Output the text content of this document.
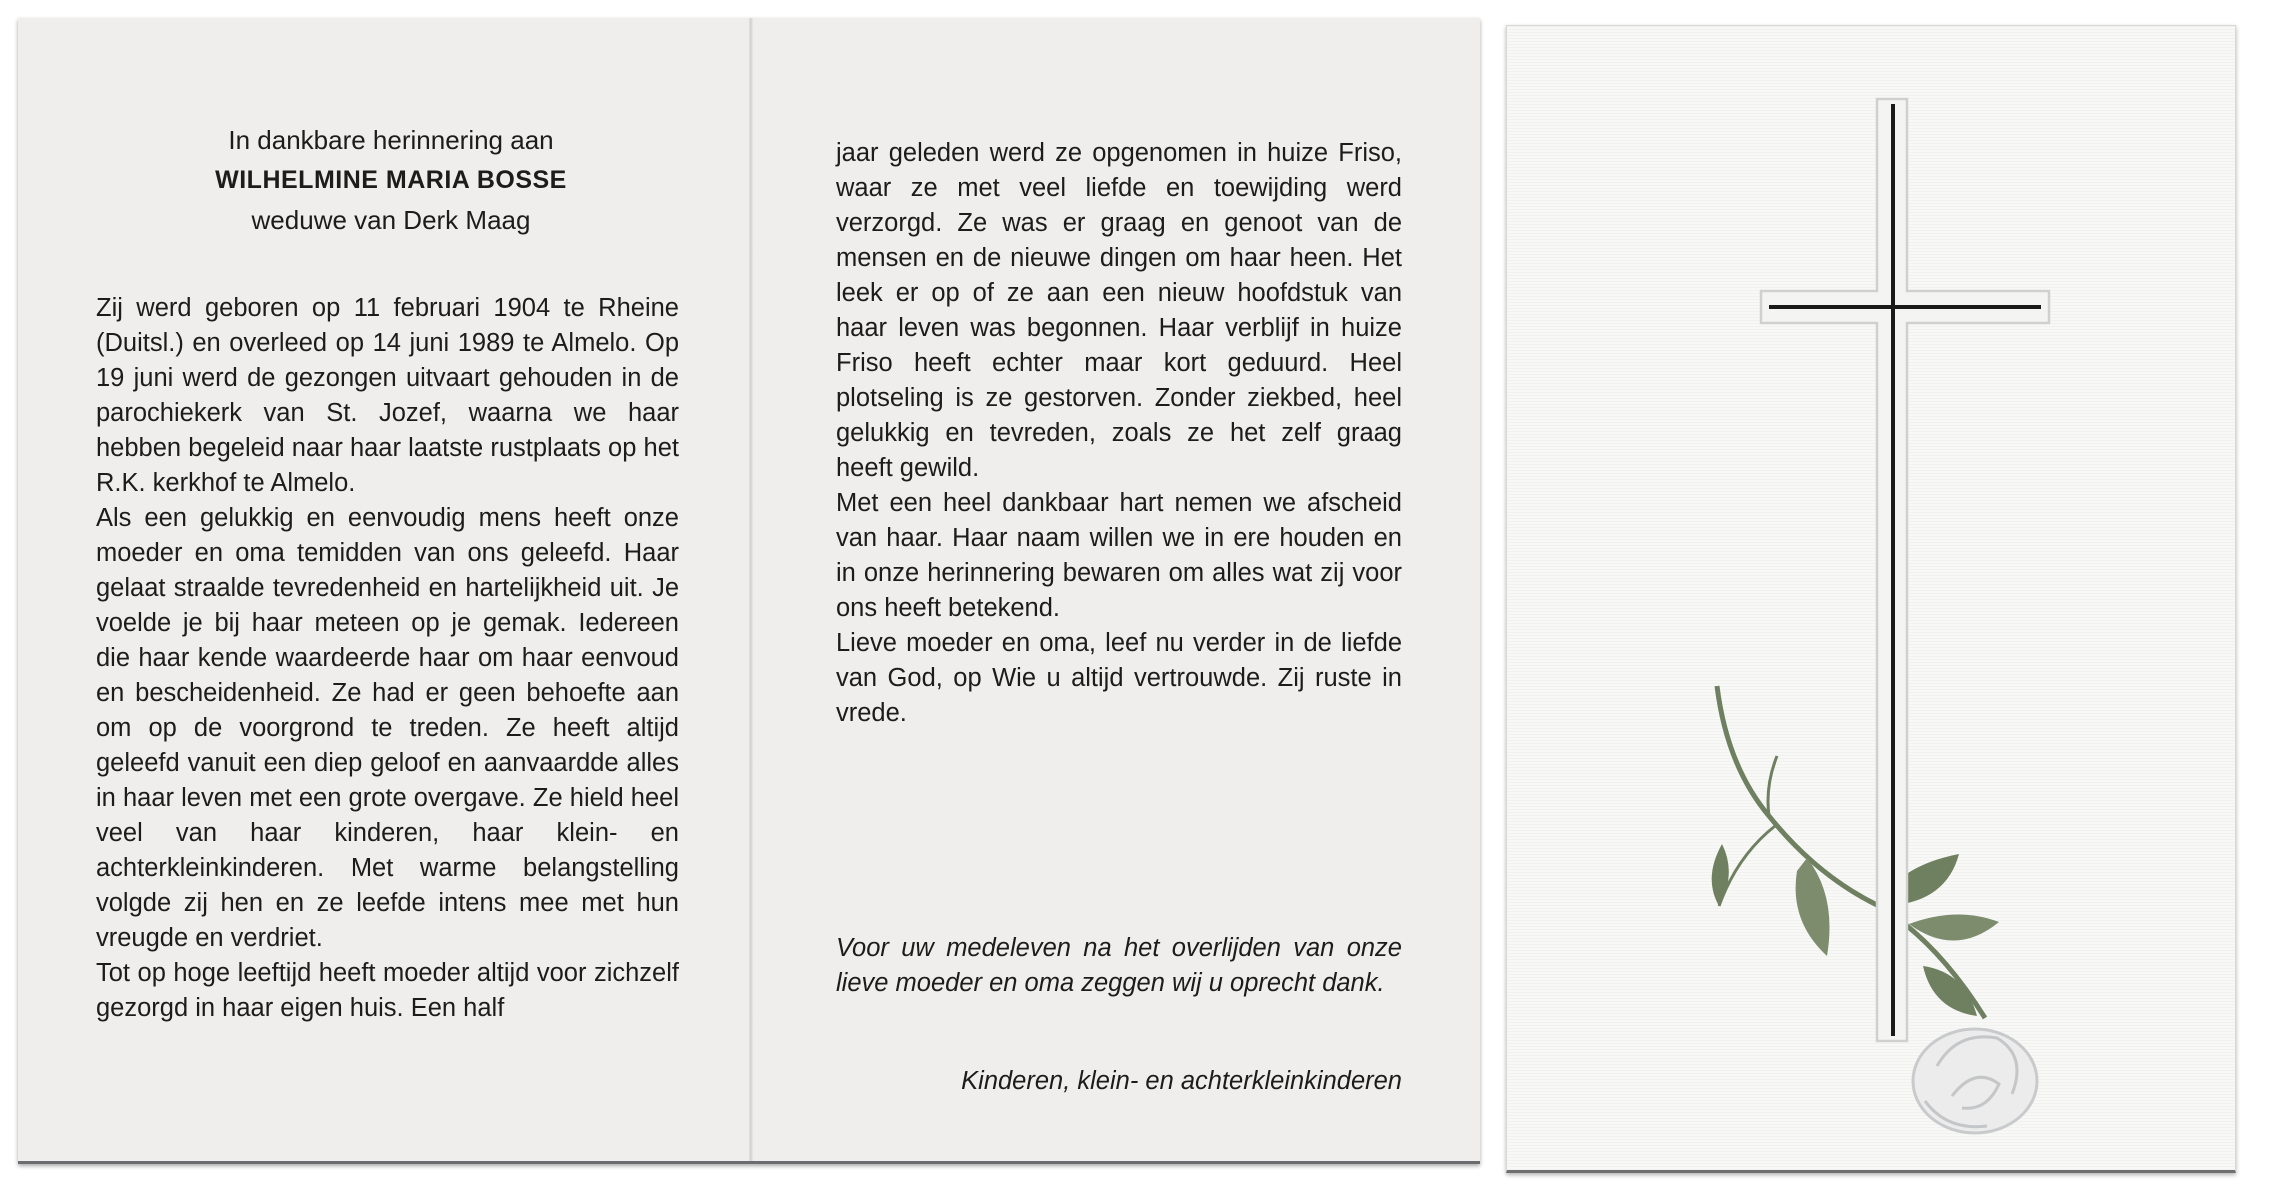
In dankbare herinnering aan
WILHELMINE MARIA BOSSE
weduwe van Derk Maag

Zij werd geboren op 11 februari 1904 te Rheine (Duitsl.) en overleed op 14 juni 1989 te Almelo. Op 19 juni werd de gezongen uitvaart gehouden in de parochiekerk van St. Jozef, waarna we haar hebben begeleid naar haar laatste rustplaats op het R.K. kerkhof te Almelo.

Als een gelukkig en eenvoudig mens heeft onze moeder en oma temidden van ons geleefd. Haar gelaat straalde tevredenheid en hartelijkheid uit. Je voelde je bij haar meteen op je gemak. Iedereen die haar kende waardeerde haar om haar eenvoud en bescheidenheid. Ze had er geen behoefte aan om op de voorgrond te treden. Ze heeft altijd geleefd vanuit een diep geloof en aanvaardde alles in haar leven met een grote overgave. Ze hield heel veel van haar kinderen, haar klein- en achterkleinkinderen. Met warme belangstelling volgde zij hen en ze leefde intens mee met hun vreugde en verdriet.

Tot op hoge leeftijd heeft moeder altijd voor zichzelf gezorgd in haar eigen huis. Een half

jaar geleden werd ze opgenomen in huize Friso, waar ze met veel liefde en toewijding werd verzorgd. Ze was er graag en genoot van de mensen en de nieuwe dingen om haar heen. Het leek er op of ze aan een nieuw hoofdstuk van haar leven was begonnen. Haar verblijf in huize Friso heeft echter maar kort geduurd. Heel plotseling is ze gestorven. Zonder ziekbed, heel gelukkig en tevreden, zoals ze het zelf graag heeft gewild.

Met een heel dankbaar hart nemen we afscheid van haar. Haar naam willen we in ere houden en in onze herinnering bewaren om alles wat zij voor ons heeft betekend.

Lieve moeder en oma, leef nu verder in de liefde van God, op Wie u altijd vertrouwde. Zij ruste in vrede.

Voor uw medeleven na het overlijden van onze lieve moeder en oma zeggen wij u oprecht dank.
Kinderen, klein- en achterkleinkinderen
